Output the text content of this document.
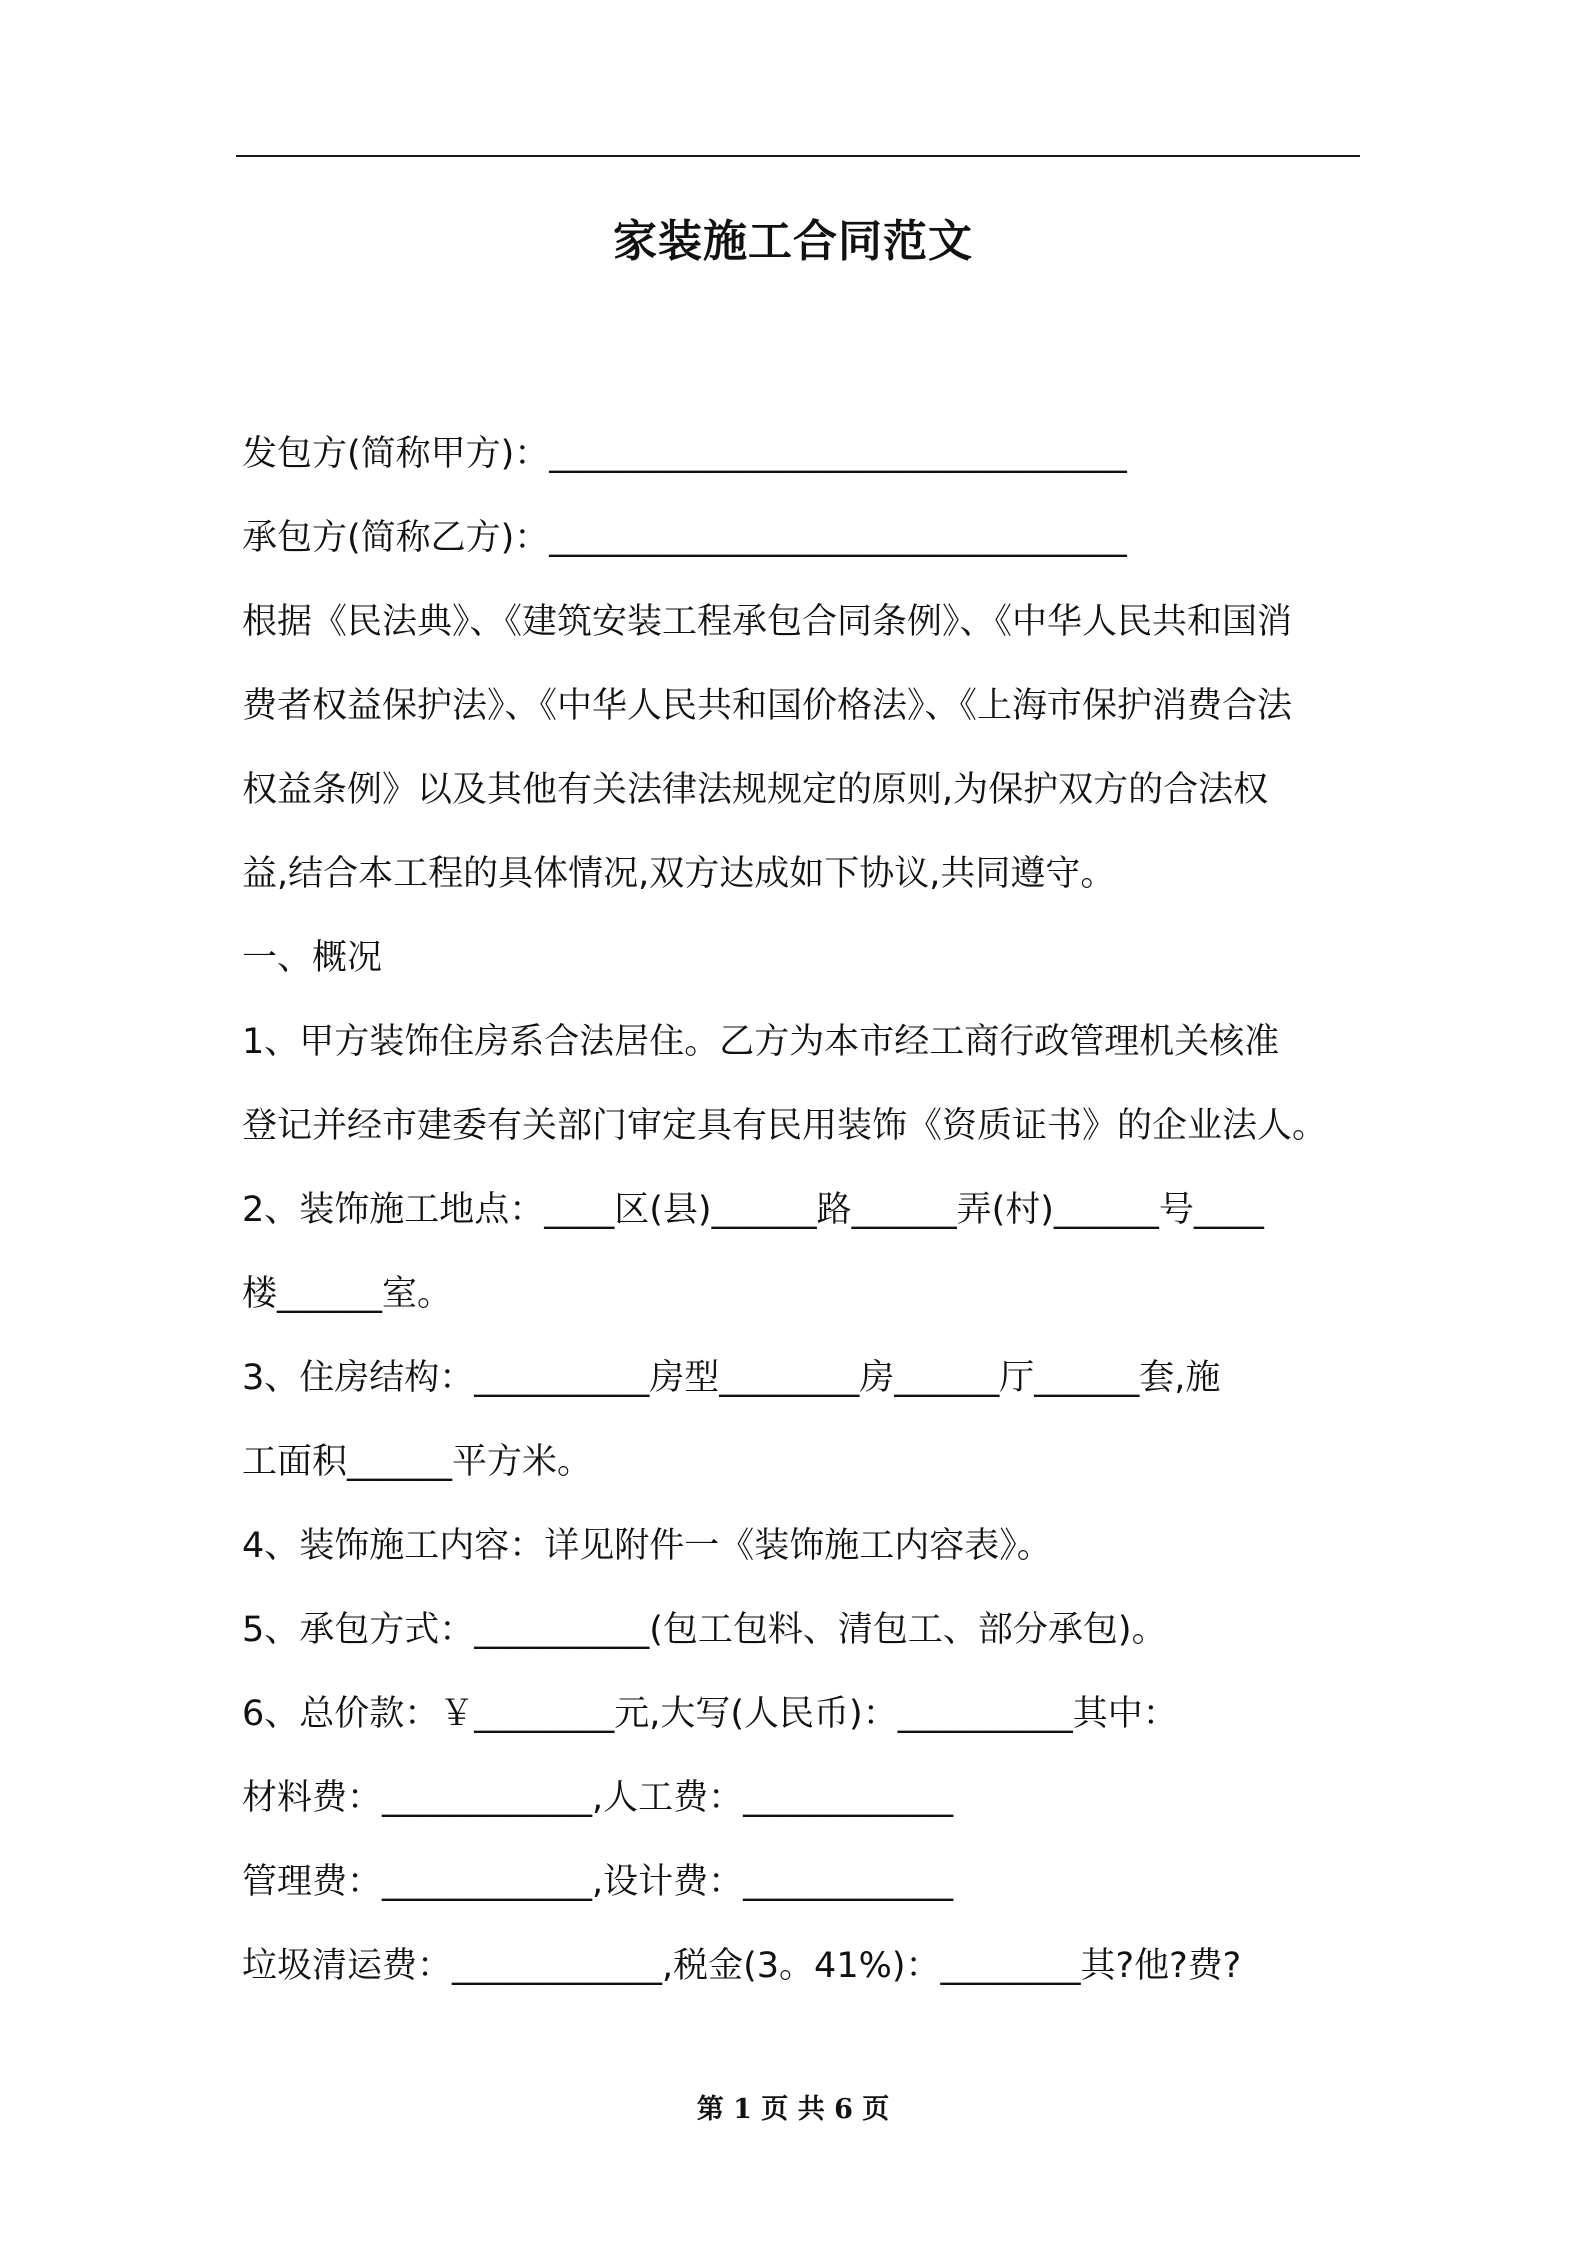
家装施工合同范文
发包方(简称甲方)：_________________________________
承包方(简称乙方)：_________________________________
根据《民法典》、《建筑安装工程承包合同条例》、《中华人民共和国消
费者权益保护法》、《中华人民共和国价格法》、《上海市保护消费合法
权益条例》以及其他有关法律法规规定的原则,为保护双方的合法权
益,结合本工程的具体情况,双方达成如下协议,共同遵守。
一、概况
1、甲方装饰住房系合法居住。乙方为本市经工商行政管理机关核准
登记并经市建委有关部门审定具有民用装饰《资质证书》的企业法人。
2、装饰施工地点：____区(县)______路______弄(村)______号____
楼______室。
3、住房结构：__________房型________房______厅______套,施
工面积______平方米。
4、装饰施工内容：详见附件一《装饰施工内容表》。
5、承包方式：__________(包工包料、清包工、部分承包)。
6、总价款：￥________元,大写(人民币)：__________其中：
材料费：____________,人工费：____________
管理费：____________,设计费：____________
垃圾清运费：____________,税金(3。41%)：________其?他?费?
第 1 页 共 6 页
